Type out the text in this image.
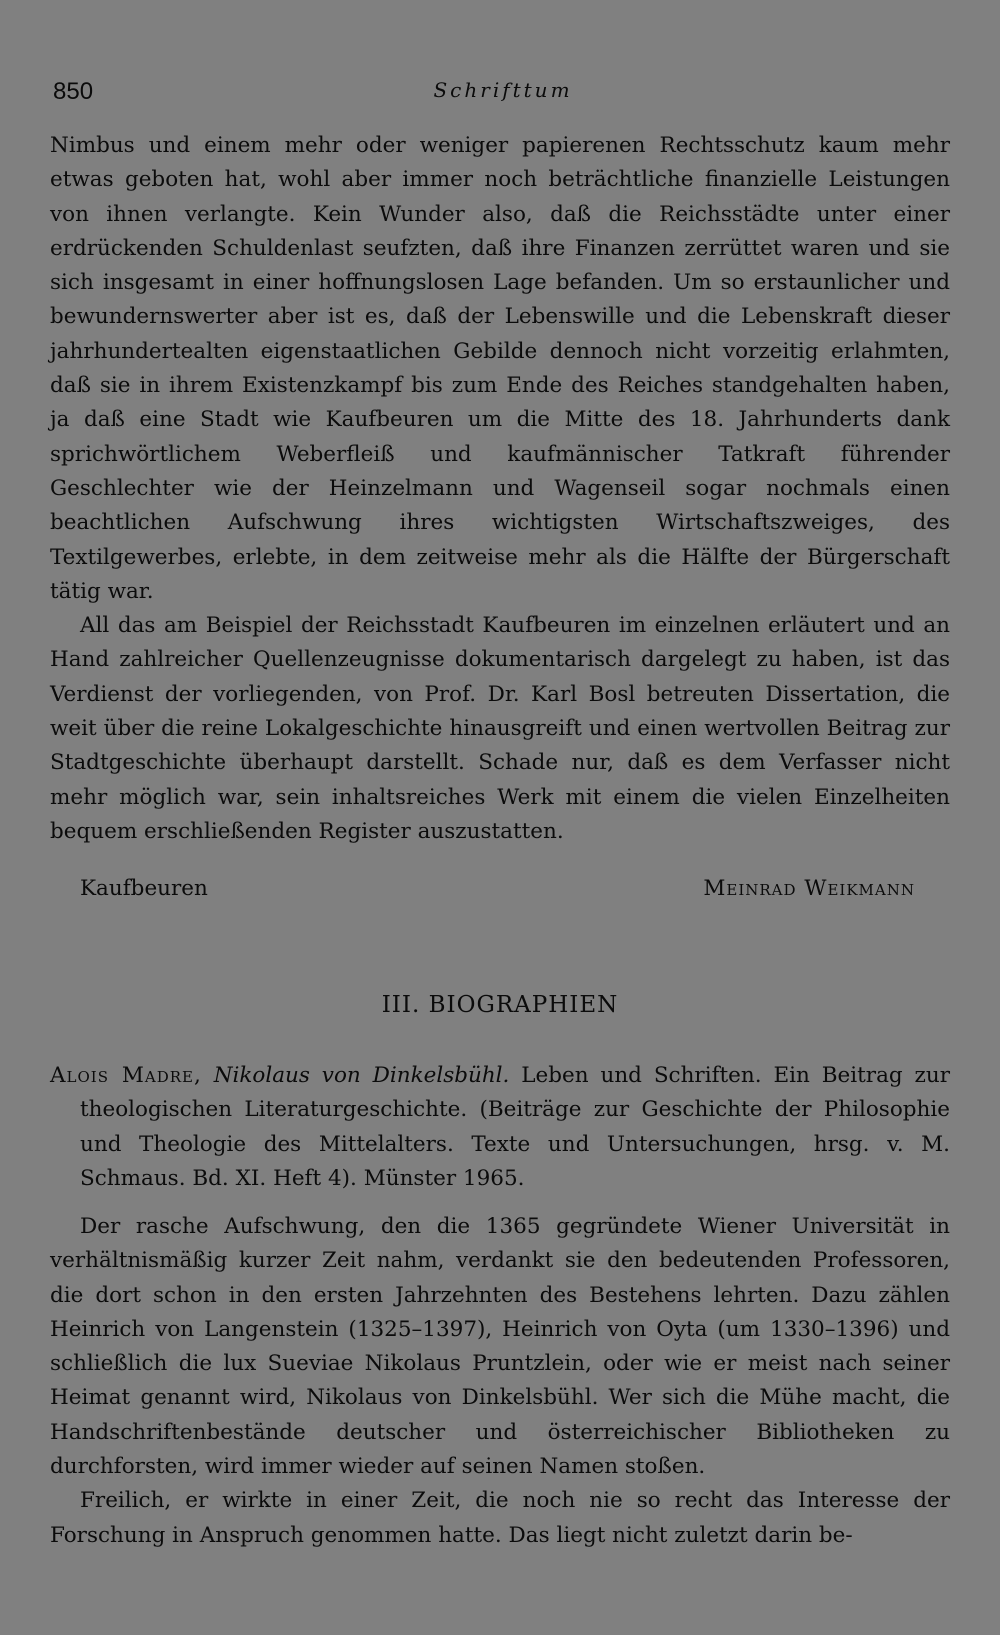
850	Schrifttum

Nimbus und einem mehr oder weniger papierenen Rechtsschutz kaum mehr etwas geboten hat, wohl aber immer noch beträchtliche finanzielle Leistungen von ihnen verlangte. Kein Wunder also, daß die Reichsstädte unter einer erdrückenden Schuldenlast seufzten, daß ihre Finanzen zerrüttet waren und sie sich insgesamt in einer hoffnungslosen Lage befanden. Um so erstaunlicher und bewundernswerter aber ist es, daß der Lebenswille und die Lebenskraft dieser jahrhundertealten eigenstaatlichen Gebilde dennoch nicht vorzeitig erlahmten, daß sie in ihrem Existenzkampf bis zum Ende des Reiches standgehalten haben, ja daß eine Stadt wie Kaufbeuren um die Mitte des 18. Jahrhunderts dank sprichwörtlichem Weberfleiß und kaufmännischer Tatkraft führender Geschlechter wie der Heinzelmann und Wagenseil sogar nochmals einen beachtlichen Aufschwung ihres wichtigsten Wirtschaftszweiges, des Textilgewerbes, erlebte, in dem zeitweise mehr als die Hälfte der Bürgerschaft tätig war.

All das am Beispiel der Reichsstadt Kaufbeuren im einzelnen erläutert und an Hand zahlreicher Quellenzeugnisse dokumentarisch dargelegt zu haben, ist das Verdienst der vorliegenden, von Prof. Dr. Karl Bosl betreuten Dissertation, die weit über die reine Lokalgeschichte hinausgreift und einen wertvollen Beitrag zur Stadtgeschichte überhaupt darstellt. Schade nur, daß es dem Verfasser nicht mehr möglich war, sein inhaltsreiches Werk mit einem die vielen Einzelheiten bequem erschließenden Register auszustatten.

Kaufbeuren	Meinrad Weikmann
III. BIOGRAPHIEN

Alois Madre, Nikolaus von Dinkelsbühl. Leben und Schriften. Ein Beitrag zur theologischen Literaturgeschichte. (Beiträge zur Geschichte der Philosophie und Theologie des Mittelalters. Texte und Untersuchungen, hrsg. v. M. Schmaus. Bd. XI. Heft 4). Münster 1965.

Der rasche Aufschwung, den die 1365 gegründete Wiener Universität in verhältnismäßig kurzer Zeit nahm, verdankt sie den bedeutenden Professoren, die dort schon in den ersten Jahrzehnten des Bestehens lehrten. Dazu zählen Heinrich von Langenstein (1325–1397), Heinrich von Oyta (um 1330–1396) und schließlich die lux Sueviae Nikolaus Pruntzlein, oder wie er meist nach seiner Heimat genannt wird, Nikolaus von Dinkelsbühl. Wer sich die Mühe macht, die Handschriftenbestände deutscher und österreichischer Bibliotheken zu durchforsten, wird immer wieder auf seinen Namen stoßen.

Freilich, er wirkte in einer Zeit, die noch nie so recht das Interesse der Forschung in Anspruch genommen hatte. Das liegt nicht zuletzt darin be-
